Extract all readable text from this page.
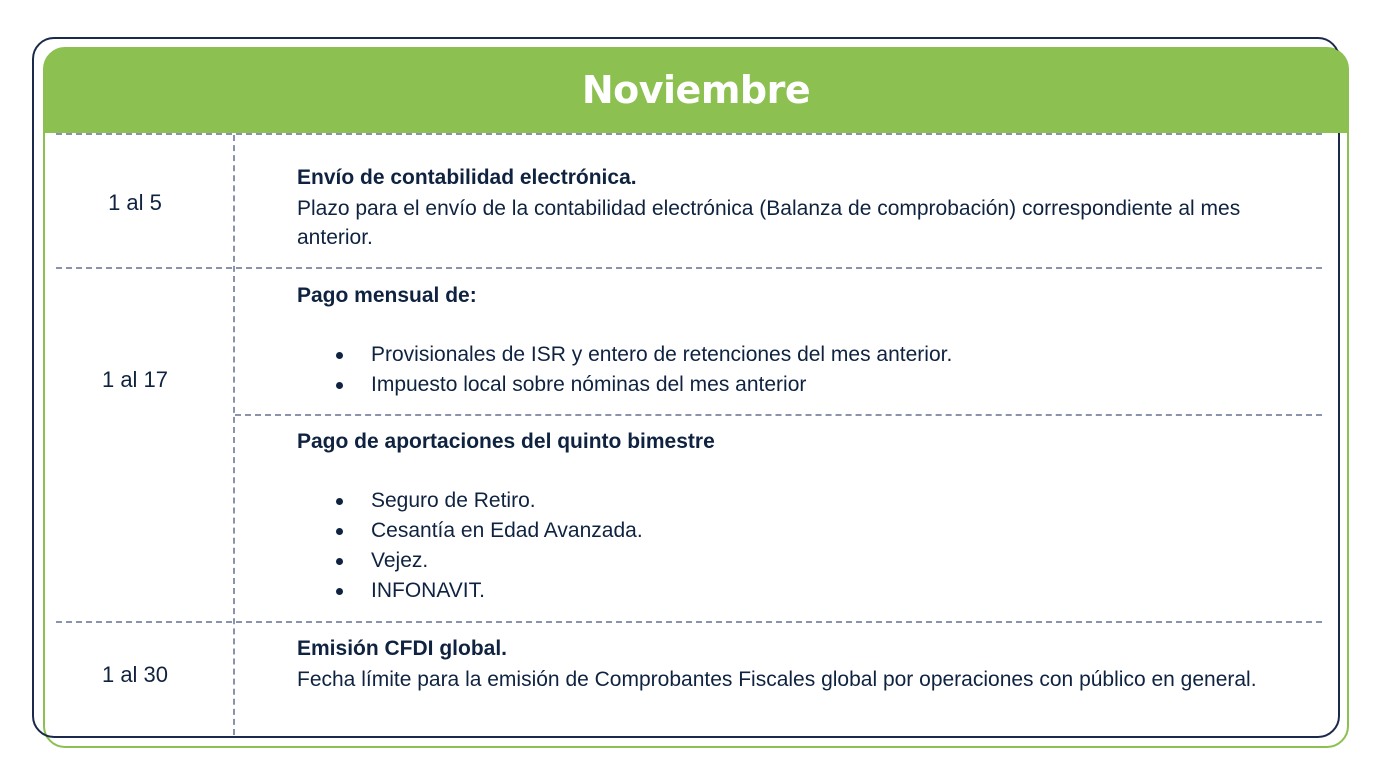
Noviembre
1 al 5
Envío de contabilidad electrónica.
Plazo para el envío de la contabilidad electrónica (Balanza de comprobación) correspondiente al mes anterior.
1 al 17
Pago mensual de:
Provisionales de ISR y entero de retenciones del mes anterior.
Impuesto local sobre nóminas del mes anterior
Pago de aportaciones del quinto bimestre
Seguro de Retiro.
Cesantía en Edad Avanzada.
Vejez.
INFONAVIT.
1 al 30
Emisión CFDI global.
Fecha límite para la emisión de Comprobantes Fiscales global por operaciones con público en general.
